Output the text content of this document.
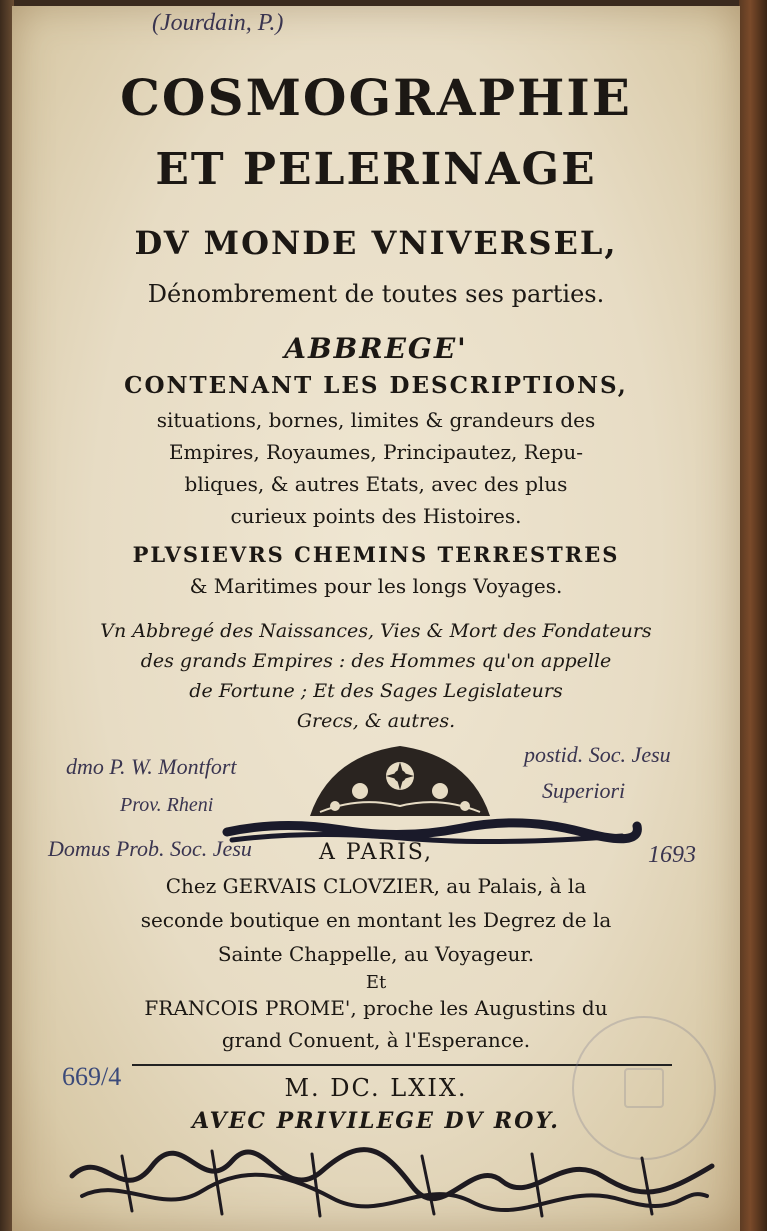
(Jourdain, P.)
COSMOGRAPHIE
ET PELERINAGE
DV MONDE VNIVERSEL,
Dénombrement de toutes ses parties.
ABBREGE'
CONTENANT LES DESCRIPTIONS,
situations, bornes, limites & grandeurs des
Empires, Royaumes, Principautez, Repu-
bliques, & autres Etats, avec des plus
curieux points des Histoires.
PLVSIEVRS CHEMINS TERRESTRES
& Maritimes pour les longs Voyages.
Vn Abbregé des Naissances, Vies & Mort des Fondateurs
des grands Empires : des Hommes qu'on appelle
de Fortune ; Et des Sages Legislateurs
Grecs, & autres.
dmo P. W. Montfort
Prov. Rheni
Domus Prob. Soc. Jesu
postid. Soc. Jesu
Superiori
1693
A PARIS,
Chez GERVAIS CLOVZIER, au Palais, à la
seconde boutique en montant les Degrez de la
Sainte Chappelle, au Voyageur.
Et
FRANCOIS PROME', proche les Augustins du
grand Conuent, à l'Esperance.
669/4	M. DC. LXIX.
AVEC PRIVILEGE DV ROY.
